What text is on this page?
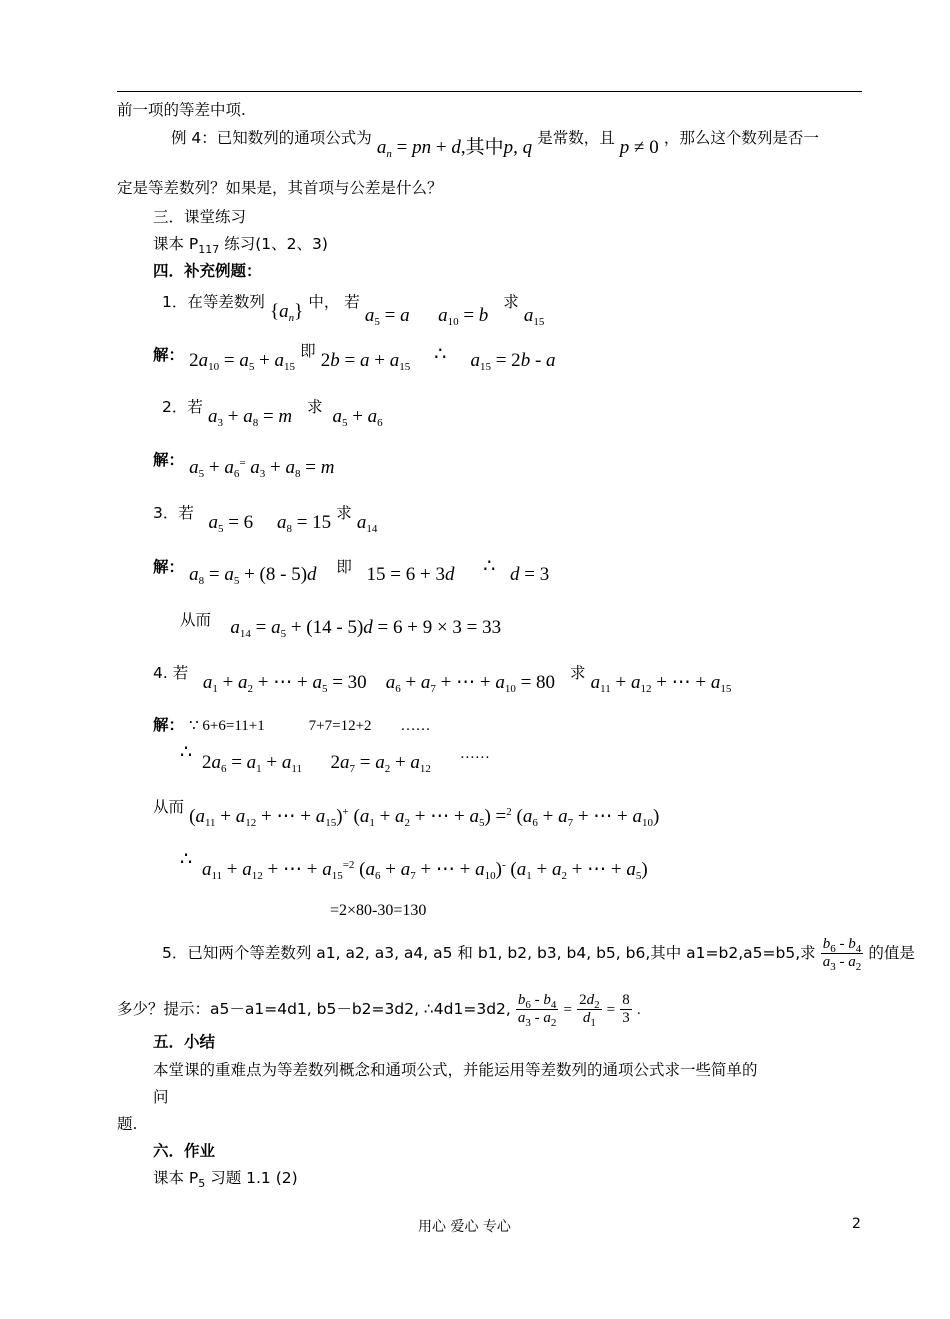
前一项的等差中项.
例 4：已知数列的通项公式为 $a_n$ = pn + d,其中p, q 是常数，且 p ≠ 0 ，那么这个数列是否一
定是等差数列？如果是，其首项与公差是什么？
三．课堂练习
课本 $P_{117}$ 练习(1、2、3)
四．补充例题：
1．在等差数列 $\{a_n\}$ 中， 若 $a_5 = a$ $a_{10} = b$   求 $a_{15}$
解： $2a_{10} = a_5 + a_{15}$ 即 $2b = a + a_{15}$     ∴     $a_{15} = 2b - a$
2．若 $a_3 + a_8 = m$ 求 $a_5 + a_6$
解： $a_5 + a_6^=$ $a_3 + a_8 = m$
3．若 $a_5 = 6$     $a_8 = 15$ 求 $a_{14}$
解： $a_8 = a_5 + (8 - 5)d$ 即   15 = 6 + 3d      ∴   d = 3
从而 $a_{14} = a_5 + (14 - 5)d = 6 + 9 \times 3 = 33$
4. 若 $a_1 + a_2$ + ⋯ + $a_5 = 30$    $a_6 + a_7$ + ⋯ + $a_{10} = 80$ 求 $a_{11} + a_{12}$ + ⋯ + $a_{15}$
解： ∵ 6+6=11+1	7+7=12+2 ……
∴  $2a_6 = a_1 + a_{11}$      $2a_7 = a_2 + a_{12}$       ……
从而 ($a_{11} + a_{12}$ + ⋯ + $a_{15})^+$ ($a_1 + a_2$ + ⋯ + $a_5) =^2$ ($a_6 + a_7$ + ⋯ + $a_{10}$)
∴ $a_{11} + a_{12}$ + ⋯ + $a_{15}^{=2}$ ($a_6 + a_7$ + ⋯ + $a_{10})^-$ ($a_1 + a_2$ + ⋯ + $a_5$)
=2×80-30=130
5．已知两个等差数列 a1, a2, a3, a4, a5 和 b1, b2, b3, b4, b5, b6,其中 a1=b2,a5=b5,求 $\frac{b_6 - b_4}{a_3 - a_2}$ 的值是
多少？提示：a5－a1=4d1, b5－b2=3d2, ∴4d1=3d2, $\frac{b_6 - b_4}{a_3 - a_2} = \frac{2d_2}{d_1} = \frac{8}{3}$ .
五．小结
本堂课的重难点为等差数列概念和通项公式，并能运用等差数列的通项公式求一些简单的
问
题.
六．作业
课本 $P_5$ 习题 1.1 (2)
用心 爱心 专心	2
